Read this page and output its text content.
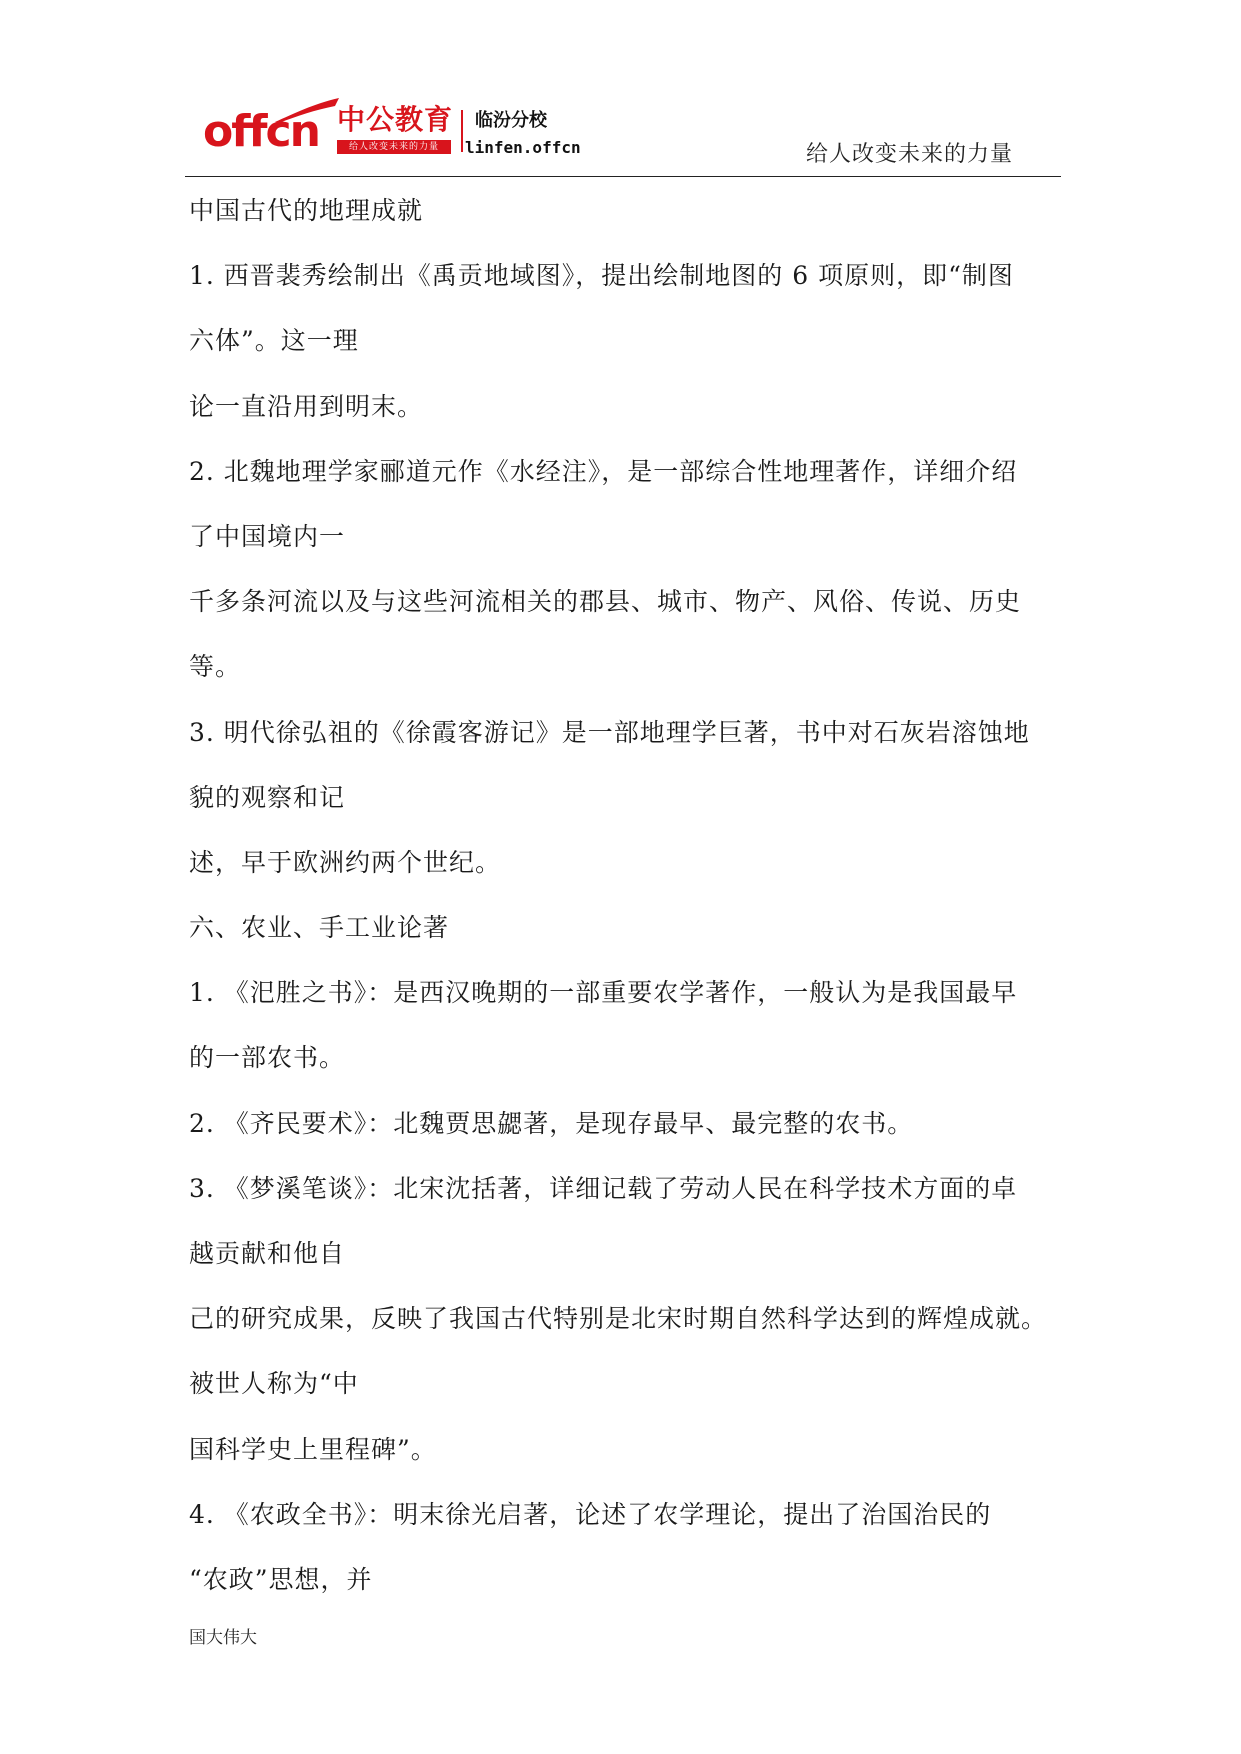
offcn 中公教育
给人改变未来的力量
临汾分校
linfen.offcn	给人改变未来的力量
中国古代的地理成就
1. 西晋裴秀绘制出《禹贡地域图》，提出绘制地图的 6 项原则，即“制图
六体”。这一理
论一直沿用到明末。
2. 北魏地理学家郦道元作《水经注》，是一部综合性地理著作，详细介绍
了中国境内一
千多条河流以及与这些河流相关的郡县、城市、物产、风俗、传说、历史
等。
3. 明代徐弘祖的《徐霞客游记》是一部地理学巨著，书中对石灰岩溶蚀地
貌的观察和记
述，早于欧洲约两个世纪。
六、农业、手工业论著
1. 《汜胜之书》：是西汉晚期的一部重要农学著作，一般认为是我国最早
的一部农书。
2. 《齐民要术》：北魏贾思勰著，是现存最早、最完整的农书。
3. 《梦溪笔谈》：北宋沈括著，详细记载了劳动人民在科学技术方面的卓
越贡献和他自
己的研究成果，反映了我国古代特别是北宋时期自然科学达到的辉煌成就。
被世人称为“中
国科学史上里程碑”。
4. 《农政全书》：明末徐光启著，论述了农学理论，提出了治国治民的
“农政”思想，并
国大伟大
